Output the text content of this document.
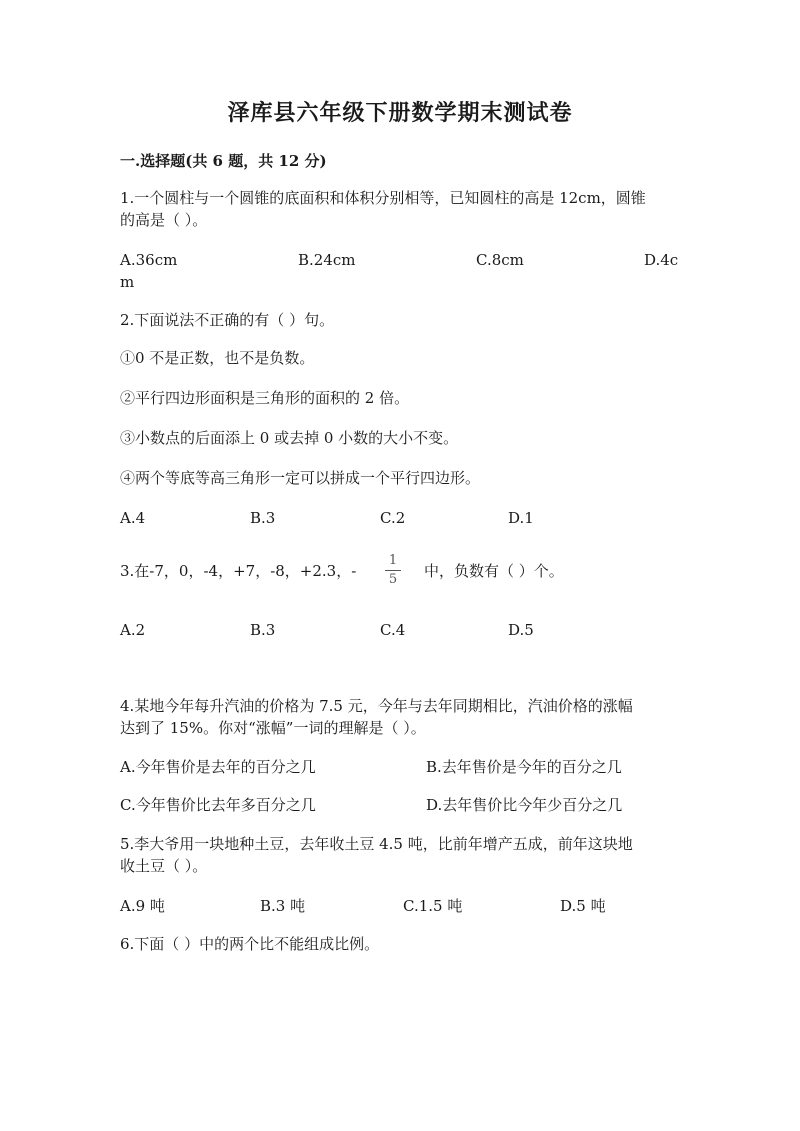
泽库县六年级下册数学期末测试卷
一.选择题(共 6 题，共 12 分)
1.一个圆柱与一个圆锥的底面积和体积分别相等，已知圆柱的高是 12cm，圆锥
的高是（ ）。
A.36cm	B.24cm	C.8cm	D.4c
m
2.下面说法不正确的有（ ）句。
①0 不是正数，也不是负数。
②平行四边形面积是三角形的面积的 2 倍。
③小数点的后面添上 0 或去掉 0 小数的大小不变。
④两个等底等高三角形一定可以拼成一个平行四边形。
A.4	B.3	C.2	D.1
3.在-7，0，-4，+7，-8，+2.3，-
1
5 中，负数有（ ）个。
A.2	B.3	C.4	D.5
4.某地今年每升汽油的价格为 7.5 元，今年与去年同期相比，汽油价格的涨幅
达到了 15%。你对“涨幅”一词的理解是（ ）。
A.今年售价是去年的百分之几	B.去年售价是今年的百分之几
C.今年售价比去年多百分之几	D.去年售价比今年少百分之几
5.李大爷用一块地种土豆，去年收土豆 4.5 吨，比前年增产五成，前年这块地
收土豆（ ）。
A.9 吨	B.3 吨	C.1.5 吨	D.5 吨
6.下面（ ）中的两个比不能组成比例。
